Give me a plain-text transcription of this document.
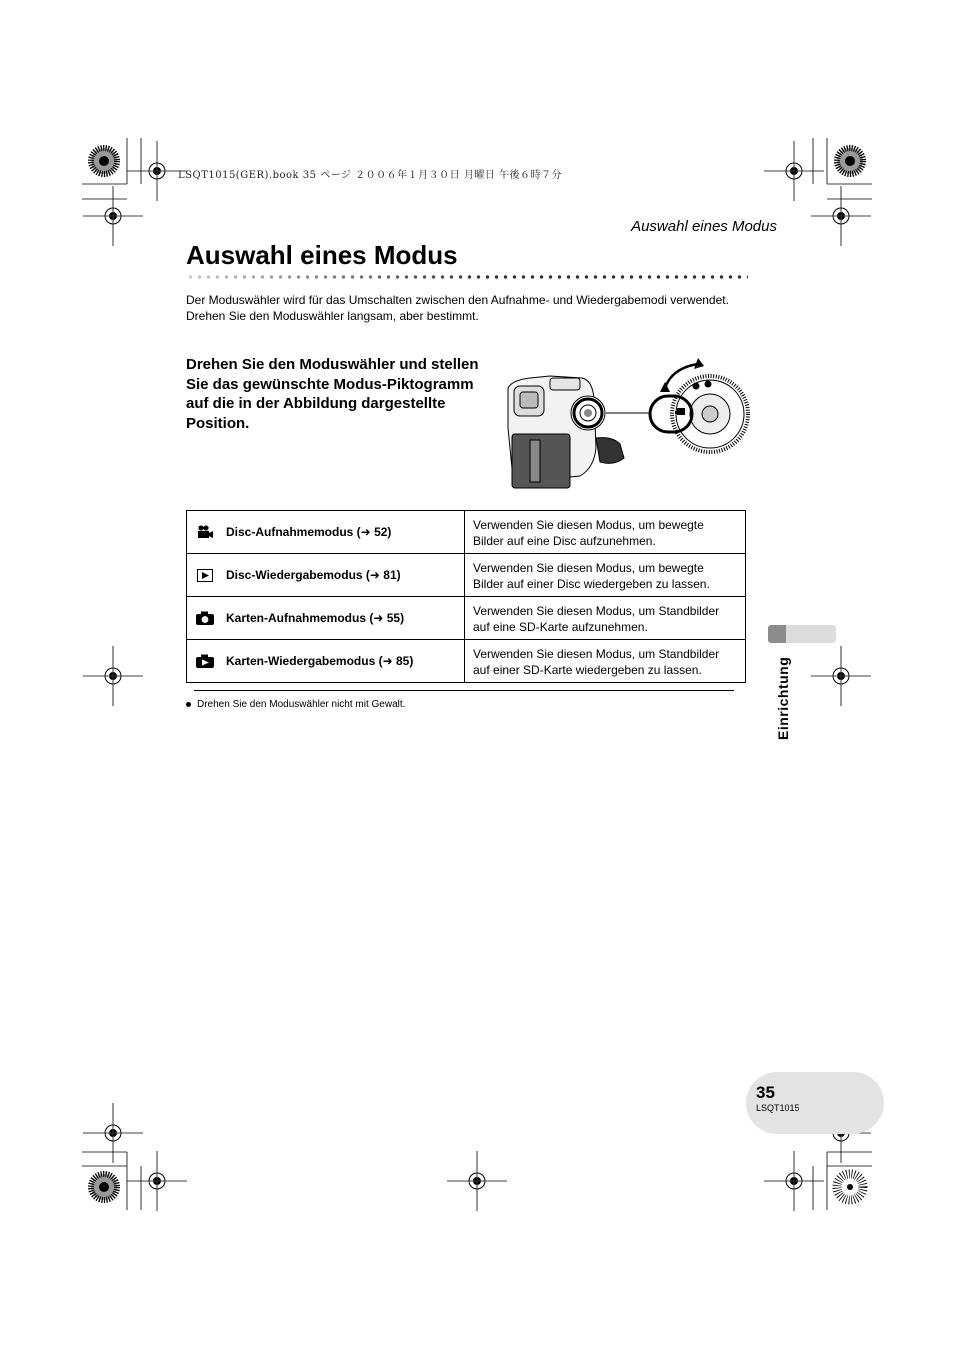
LSQT1015(GER).book 35 ページ ２００６年１月３０日 月曜日 午後６時７分
Auswahl eines Modus
Auswahl eines Modus

Der Moduswähler wird für das Umschalten zwischen den Aufnahme- und Wiedergabemodi verwendet.

Drehen Sie den Moduswähler langsam, aber bestimmt.

Drehen Sie den Moduswähler und stellen Sie das gewünschte Modus-Piktogramm auf die in der Abbildung dargestellte Position.
Disc-Aufnahmemodus (➜ 52)	Verwenden Sie diesen Modus, um bewegte Bilder auf eine Disc aufzunehmen.

Disc-Wiedergabemodus (➜ 81)	Verwenden Sie diesen Modus, um bewegte Bilder auf einer Disc wiedergeben zu lassen.

Karten-Aufnahmemodus (➜ 55)	Verwenden Sie diesen Modus, um Standbilder auf eine SD-Karte aufzunehmen.

Karten-Wiedergabemodus (➜ 85)	Verwenden Sie diesen Modus, um Standbilder auf einer SD-Karte wiedergeben zu lassen.
Drehen Sie den Moduswähler nicht mit Gewalt.	Einrichtung
35
LSQT1015
